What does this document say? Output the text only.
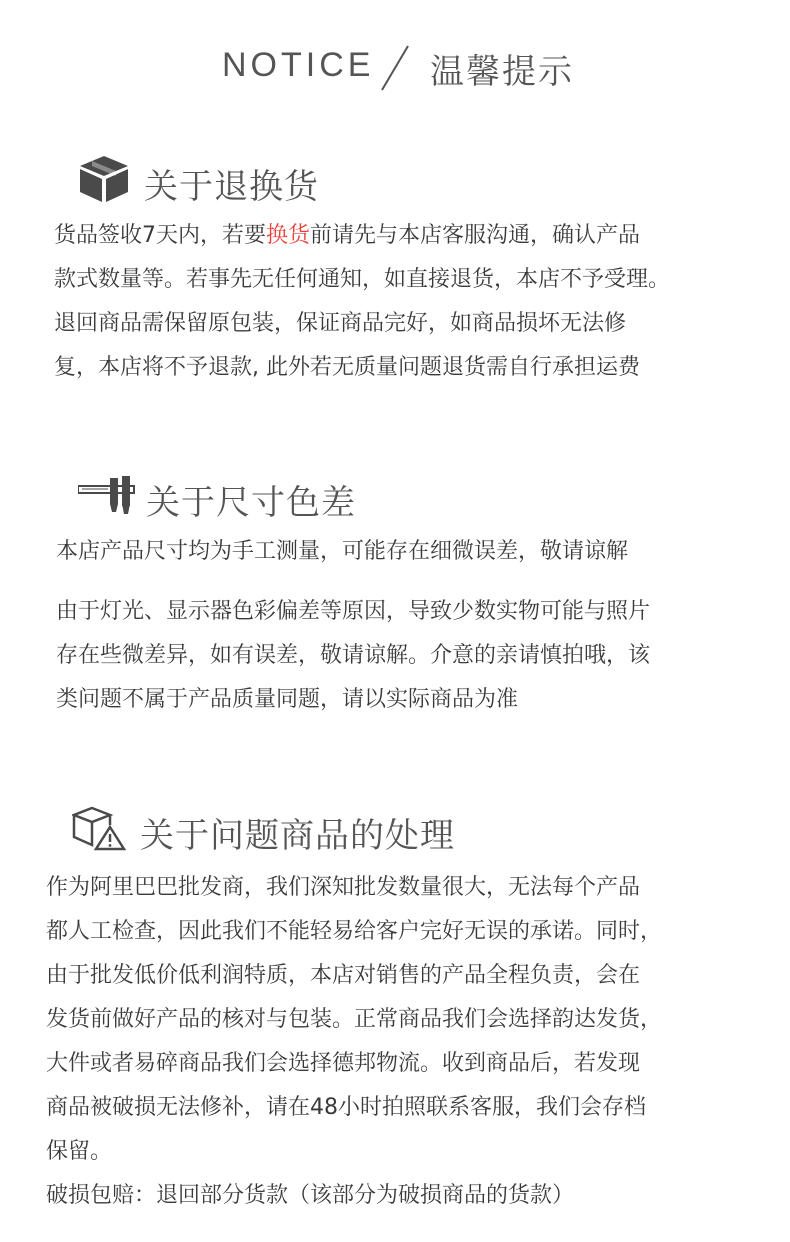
NOTICE 温馨提示
关于退换货
货品签收7天内，若要换货前请先与本店客服沟通，确认产品
款式数量等。若事先无任何通知，如直接退货，本店不予受理。
退回商品需保留原包装，保证商品完好，如商品损坏无法修
复，本店将不予退款, 此外若无质量问题退货需自行承担运费
关于尺寸色差
本店产品尺寸均为手工测量，可能存在细微误差，敬请谅解
由于灯光、显示器色彩偏差等原因，导致少数实物可能与照片
存在些微差异，如有误差，敬请谅解。介意的亲请慎拍哦，该
类问题不属于产品质量同题，请以实际商品为准
关于问题商品的处理
作为阿里巴巴批发商，我们深知批发数量很大，无法每个产品
都人工检查，因此我们不能轻易给客户完好无误的承诺。同时，
由于批发低价低利润特质，本店对销售的产品全程负责，会在
发货前做好产品的核对与包装。正常商品我们会选择韵达发货，
大件或者易碎商品我们会选择德邦物流。收到商品后，若发现
商品被破损无法修补，请在48小时拍照联系客服，我们会存档
保留。
破损包赔：退回部分货款（该部分为破损商品的货款）
